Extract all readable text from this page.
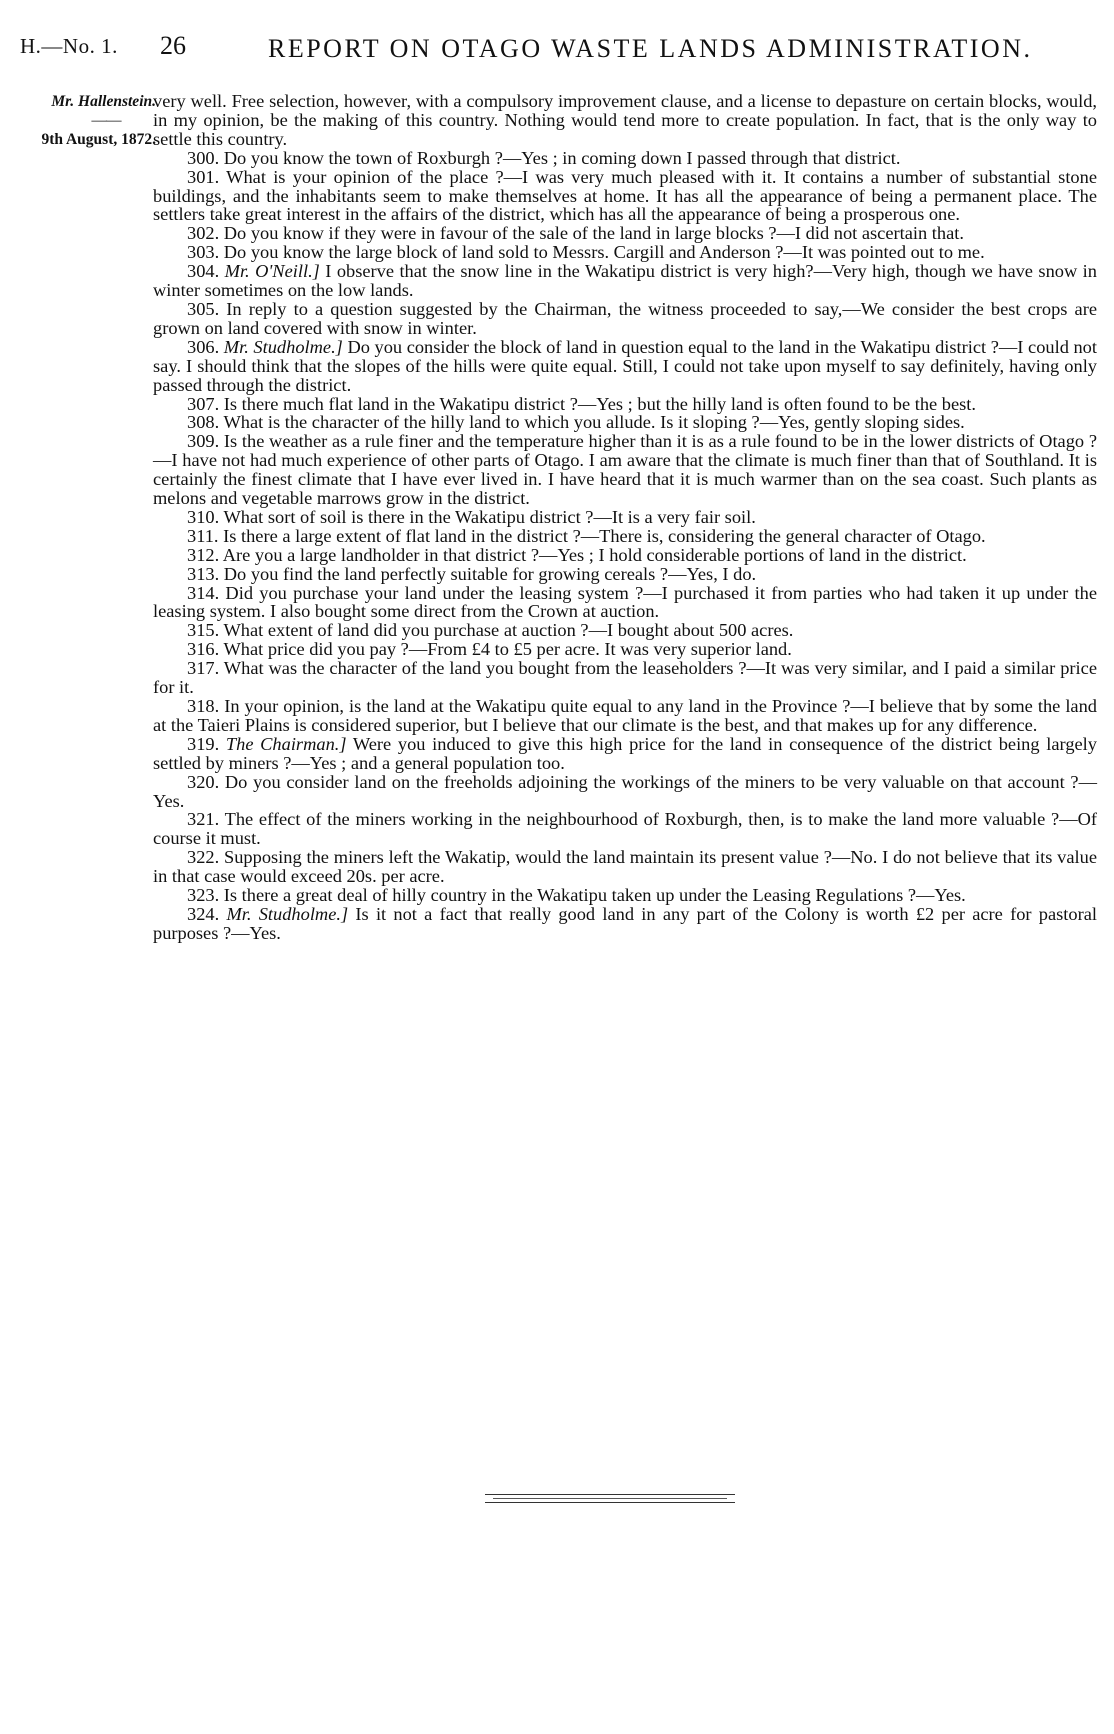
H.—No. 1. 26	REPORT ON OTAGO WASTE LANDS ADMINISTRATION.
Mr. Hallenstein.
——
9th August, 1872.

very well. Free selection, however, with a compulsory improvement clause, and a license to depasture on certain blocks, would, in my opinion, be the making of this country. Nothing would tend more to create population. In fact, that is the only way to settle this country.

300. Do you know the town of Roxburgh ?—Yes ; in coming down I passed through that district.

301. What is your opinion of the place ?—I was very much pleased with it. It contains a number of substantial stone buildings, and the inhabitants seem to make themselves at home. It has all the appearance of being a permanent place. The settlers take great interest in the affairs of the district, which has all the appearance of being a prosperous one.

302. Do you know if they were in favour of the sale of the land in large blocks ?—I did not ascertain that.

303. Do you know the large block of land sold to Messrs. Cargill and Anderson ?—It was pointed out to me.

304. Mr. O'Neill.] I observe that the snow line in the Wakatipu district is very high?—Very high, though we have snow in winter sometimes on the low lands.

305. In reply to a question suggested by the Chairman, the witness proceeded to say,—We consider the best crops are grown on land covered with snow in winter.

306. Mr. Studholme.] Do you consider the block of land in question equal to the land in the Wakatipu district ?—I could not say. I should think that the slopes of the hills were quite equal. Still, I could not take upon myself to say definitely, having only passed through the district.

307. Is there much flat land in the Wakatipu district ?—Yes ; but the hilly land is often found to be the best.

308. What is the character of the hilly land to which you allude. Is it sloping ?—Yes, gently sloping sides.

309. Is the weather as a rule finer and the temperature higher than it is as a rule found to be in the lower districts of Otago ?—I have not had much experience of other parts of Otago. I am aware that the climate is much finer than that of Southland. It is certainly the finest climate that I have ever lived in. I have heard that it is much warmer than on the sea coast. Such plants as melons and vegetable marrows grow in the district.

310. What sort of soil is there in the Wakatipu district ?—It is a very fair soil.

311. Is there a large extent of flat land in the district ?—There is, considering the general character of Otago.

312. Are you a large landholder in that district ?—Yes ; I hold considerable portions of land in the district.

313. Do you find the land perfectly suitable for growing cereals ?—Yes, I do.

314. Did you purchase your land under the leasing system ?—I purchased it from parties who had taken it up under the leasing system. I also bought some direct from the Crown at auction.

315. What extent of land did you purchase at auction ?—I bought about 500 acres.

316. What price did you pay ?—From £4 to £5 per acre. It was very superior land.

317. What was the character of the land you bought from the leaseholders ?—It was very similar, and I paid a similar price for it.

318. In your opinion, is the land at the Wakatipu quite equal to any land in the Province ?—I believe that by some the land at the Taieri Plains is considered superior, but I believe that our climate is the best, and that makes up for any difference.

319. The Chairman.] Were you induced to give this high price for the land in consequence of the district being largely settled by miners ?—Yes ; and a general population too.

320. Do you consider land on the freeholds adjoining the workings of the miners to be very valuable on that account ?—Yes.

321. The effect of the miners working in the neighbourhood of Roxburgh, then, is to make the land more valuable ?—Of course it must.

322. Supposing the miners left the Wakatip, would the land maintain its present value ?—No. I do not believe that its value in that case would exceed 20s. per acre.

323. Is there a great deal of hilly country in the Wakatipu taken up under the Leasing Regulations ?—Yes.

324. Mr. Studholme.] Is it not a fact that really good land in any part of the Colony is worth £2 per acre for pastoral purposes ?—Yes.
